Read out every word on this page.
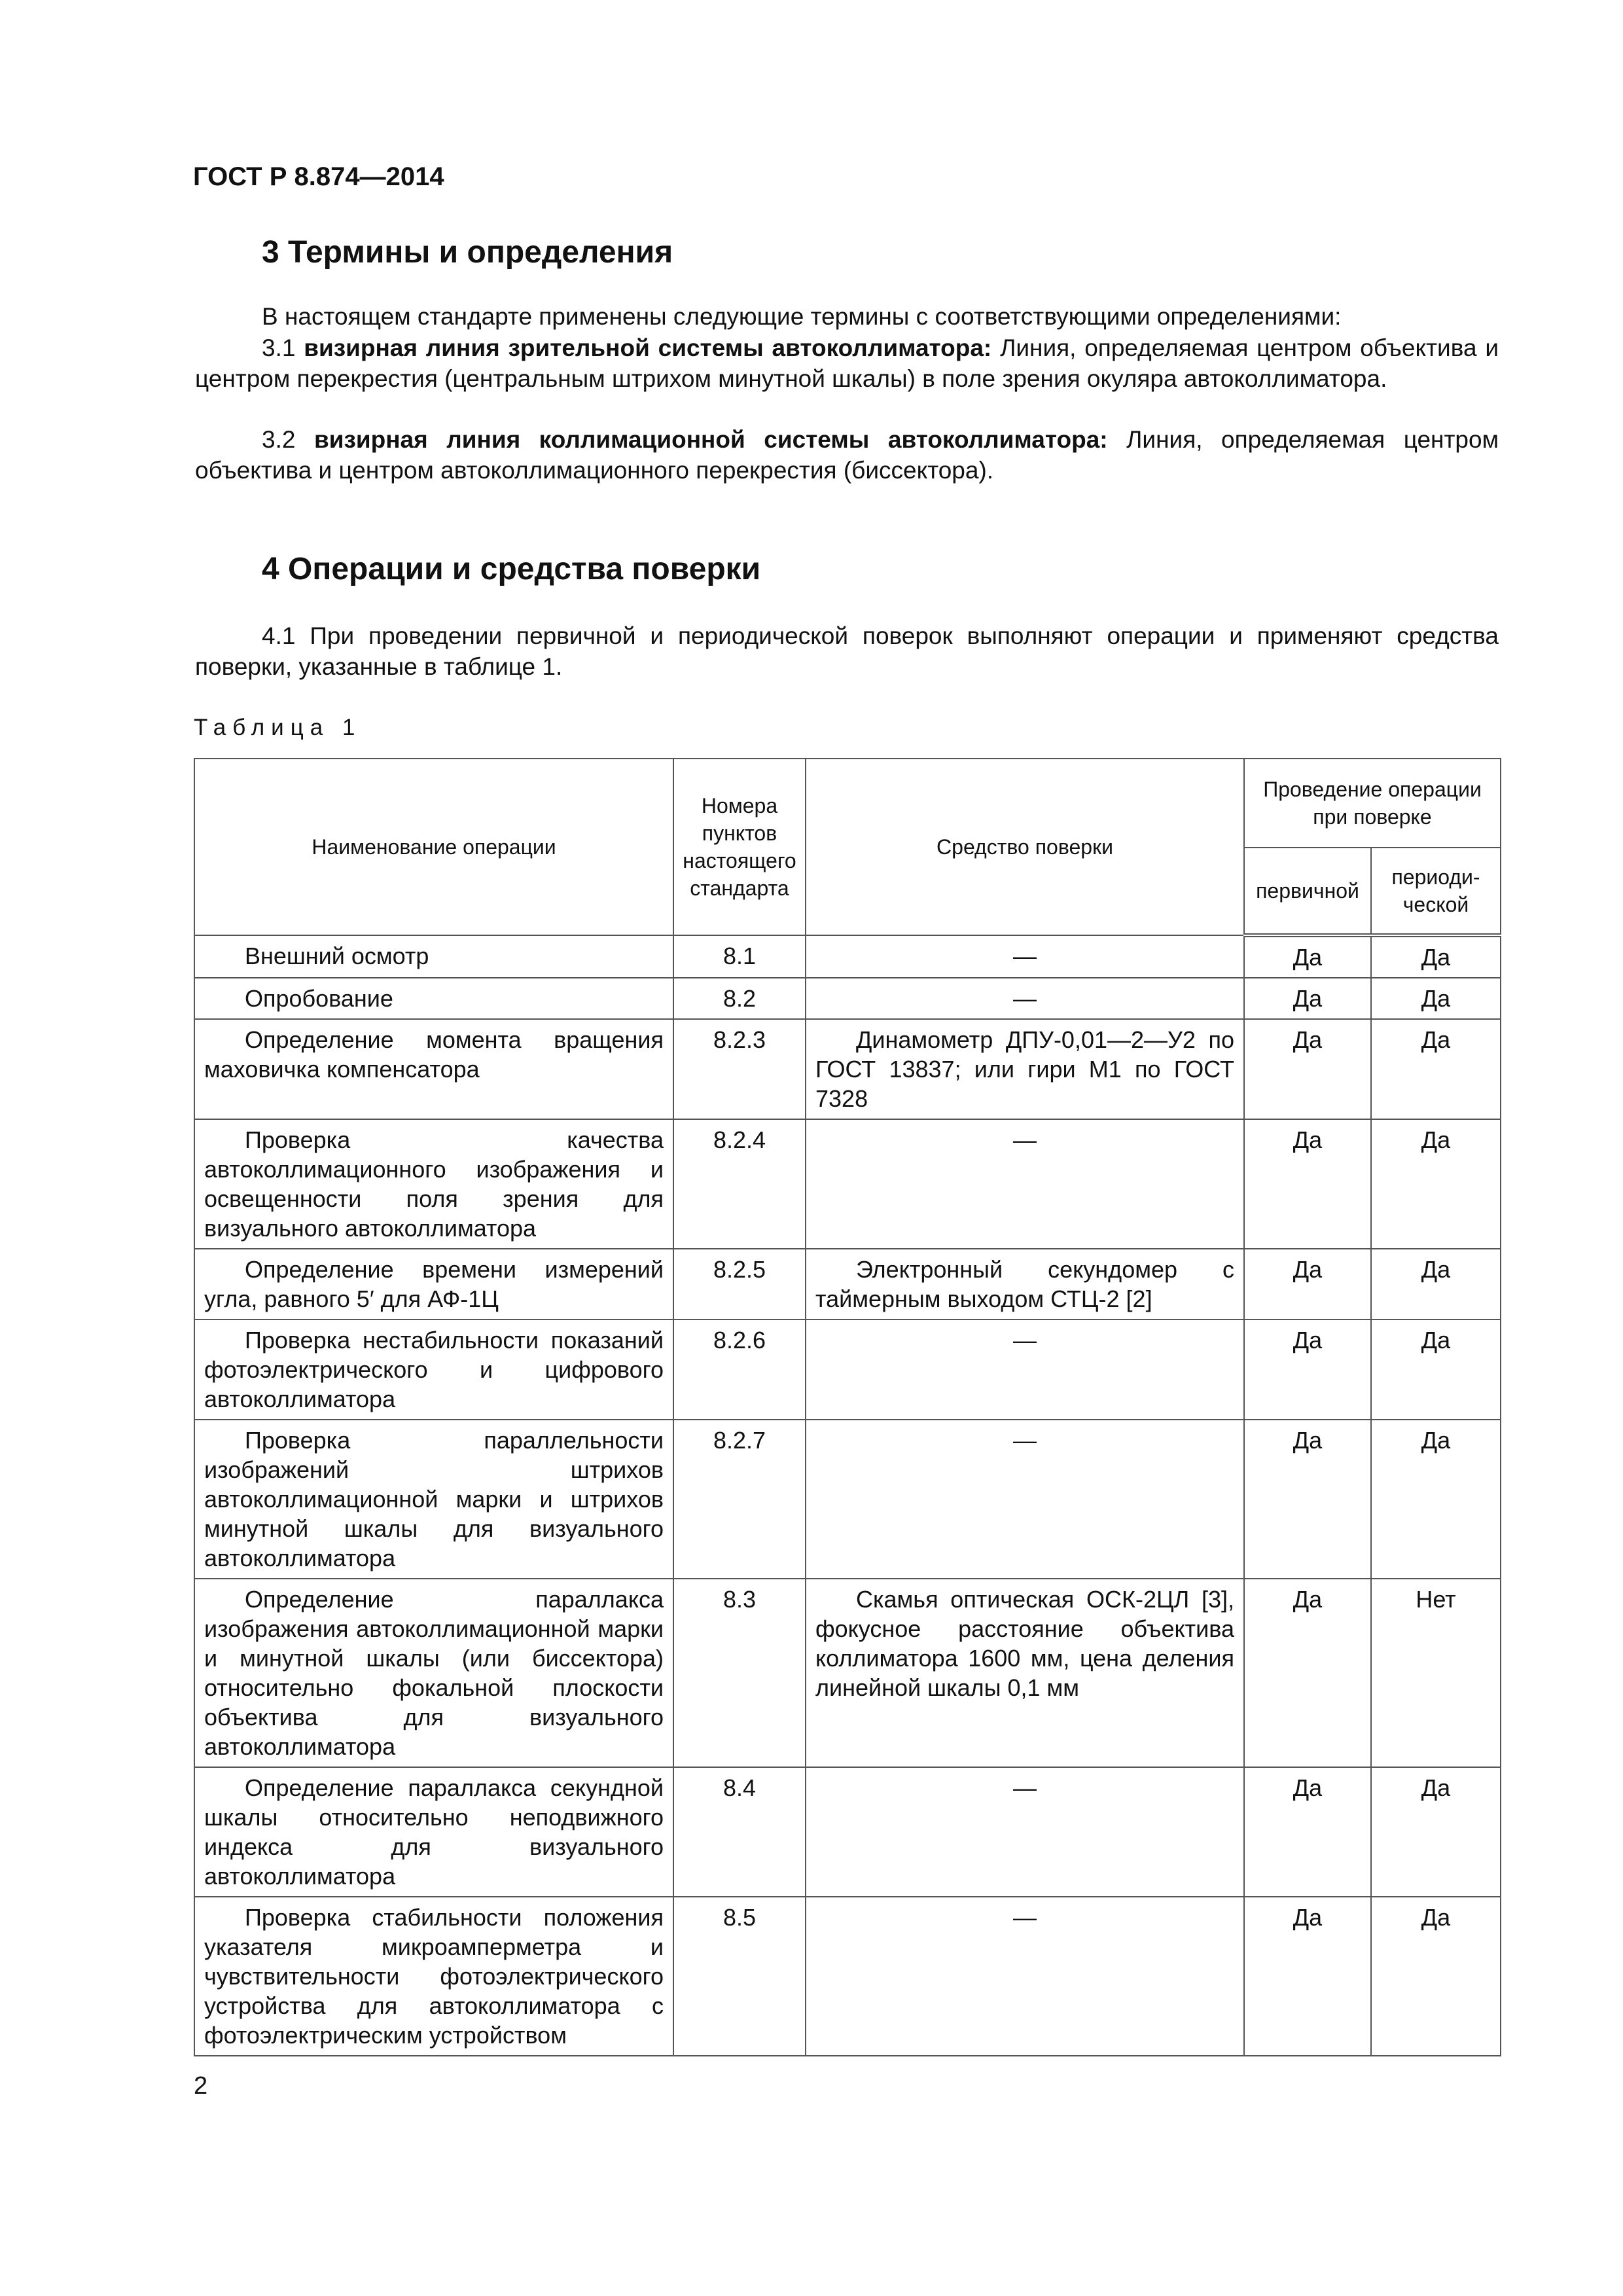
ГОСТ Р 8.874—2014
3 Термины и определения
В настоящем стандарте применены следующие термины с соответствующими определениями:
3.1 визирная линия зрительной системы автоколлиматора: Линия, определяемая центром объектива и центром перекрестия (центральным штрихом минутной шкалы) в поле зрения окуляра автоколлиматора.
3.2 визирная линия коллимационной системы автоколлиматора: Линия, определяемая центром объектива и центром автоколлимационного перекрестия (биссектора).
4 Операции и средства поверки
4.1 При проведении первичной и периодической поверок выполняют операции и применяют средства поверки, указанные в таблице 1.
Таблица 1
Наименование операции	Номера пунктов настоящего стандарта	Средство поверки	Проведение операции при поверке	
			первичной	периоди-ческой
Внешний осмотр	8.1	—	Да	Да
Опробование	8.2	—	Да	Да
Определение момента вращения маховичка компенсатора	8.2.3	Динамометр ДПУ-0,01—2—У2 по ГОСТ 13837; или гири М1 по ГОСТ 7328	Да	Да
Проверка качества автоколлимационного изображения и освещенности поля зрения для визуального автоколлиматора	8.2.4	—	Да	Да
Определение времени измерений угла, равного 5′ для АФ-1Ц	8.2.5	Электронный секундомер с таймерным выходом СТЦ-2 [2]	Да	Да
Проверка нестабильности показаний фотоэлектрического и цифрового автоколлиматора	8.2.6	—	Да	Да
Проверка параллельности изображений штрихов автоколлимационной марки и штрихов минутной шкалы для визуального автоколлиматора	8.2.7	—	Да	Да
Определение параллакса изображения автоколлимационной марки и минутной шкалы (или биссектора) относительно фокальной плоскости объектива для визуального автоколлиматора	8.3	Скамья оптическая ОСК-2ЦЛ [3], фокусное расстояние объектива коллиматора 1600 мм, цена деления линейной шкалы 0,1 мм	Да	Нет
Определение параллакса секундной шкалы относительно неподвижного индекса для визуального автоколлиматора	8.4	—	Да	Да
Проверка стабильности положения указателя микроамперметра и чувствительности фотоэлектрического устройства для автоколлиматора с фотоэлектрическим устройством	8.5	—	Да	Да
2
